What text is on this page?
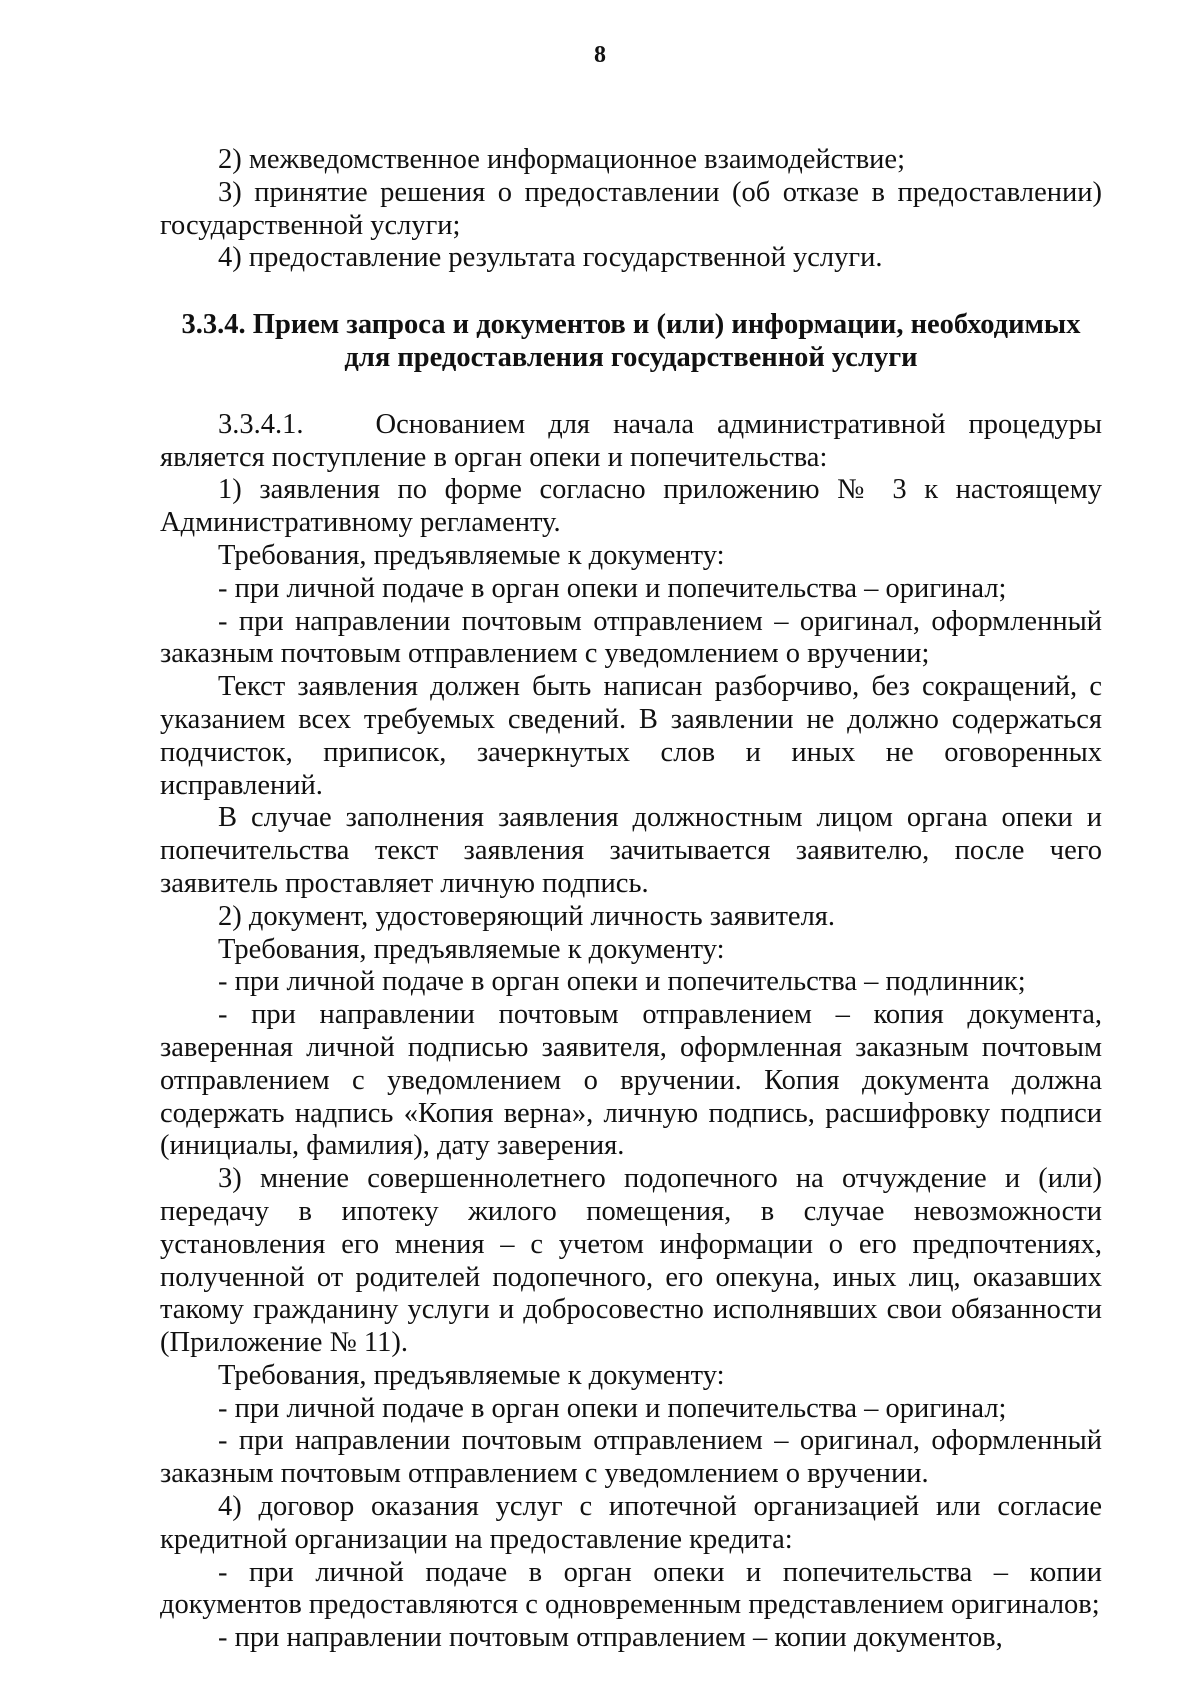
8

2) межведомственное информационное взаимодействие;

3) принятие решения о предоставлении (об отказе в предоставлении) государственной услуги;

4) предоставление результата государственной услуги.

3.3.4. Прием запроса и документов и (или) информации, необходимых для предоставления государственной услуги

3.3.4.1.	Основанием для начала административной процедуры является поступление в орган опеки и попечительства:

1) заявления по форме согласно приложению № 3 к настоящему Административному регламенту.

Требования, предъявляемые к документу:

- при личной подаче в орган опеки и попечительства – оригинал;

- при направлении почтовым отправлением – оригинал, оформленный заказным почтовым отправлением с уведомлением о вручении;

Текст заявления должен быть написан разборчиво, без сокращений, с указанием всех требуемых сведений. В заявлении не должно содержаться подчисток, приписок, зачеркнутых слов и иных не оговоренных исправлений.

В случае заполнения заявления должностным лицом органа опеки и попечительства текст заявления зачитывается заявителю, после чего заявитель проставляет личную подпись.

2) документ, удостоверяющий личность заявителя.

Требования, предъявляемые к документу:

- при личной подаче в орган опеки и попечительства – подлинник;

- при направлении почтовым отправлением – копия документа, заверенная личной подписью заявителя, оформленная заказным почтовым отправлением с уведомлением о вручении. Копия документа должна содержать надпись «Копия верна», личную подпись, расшифровку подписи (инициалы, фамилия), дату заверения.

3) мнение совершеннолетнего подопечного на отчуждение и (или) передачу в ипотеку жилого помещения, в случае невозможности установления его мнения – с учетом информации о его предпочтениях, полученной от родителей подопечного, его опекуна, иных лиц, оказавших такому гражданину услуги и добросовестно исполнявших свои обязанности (Приложение № 11).

Требования, предъявляемые к документу:

- при личной подаче в орган опеки и попечительства – оригинал;

- при направлении почтовым отправлением – оригинал, оформленный заказным почтовым отправлением с уведомлением о вручении.

4) договор оказания услуг с ипотечной организацией или согласие кредитной организации на предоставление кредита:

- при личной подаче в орган опеки и попечительства – копии документов предоставляются с одновременным представлением оригиналов;

- при направлении почтовым отправлением – копии документов,
